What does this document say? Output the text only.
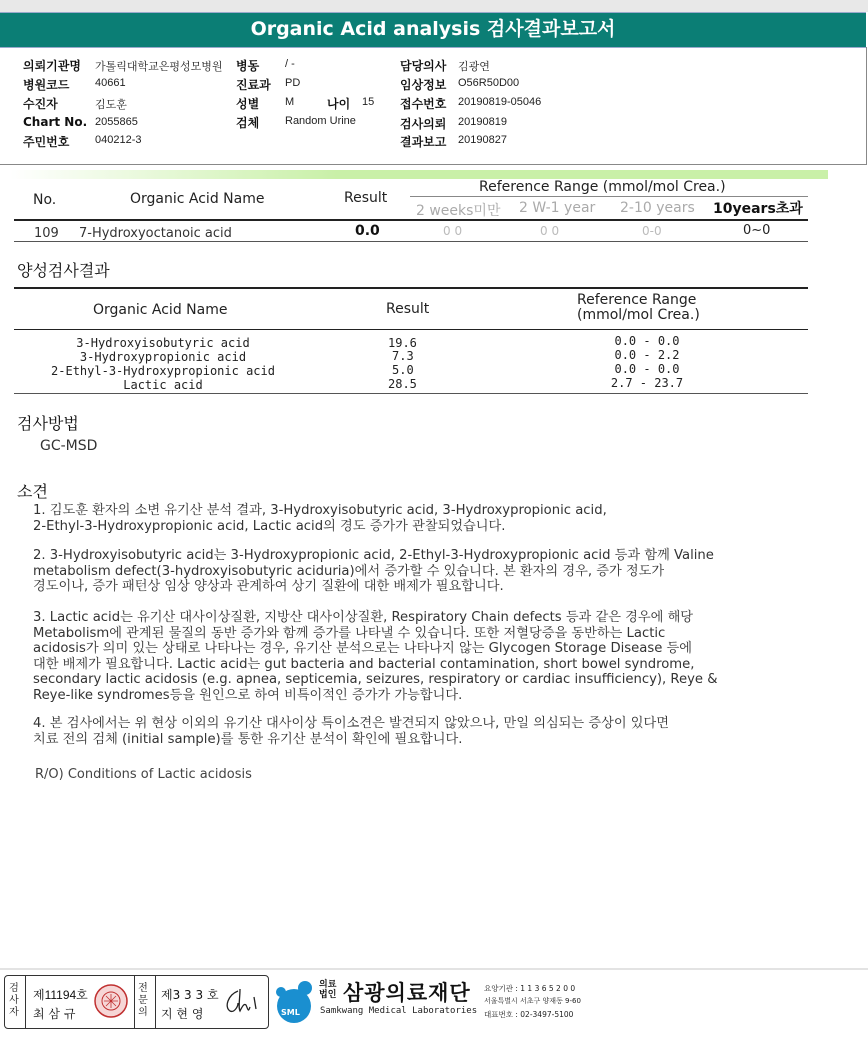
Organic Acid analysis 검사결과보고서
의뢰기관명 가톨릭대학교은평성모병원 병동 / -	담당의사 김광연
병원코드 40661	진료과 PD	임상정보 O56R50D00
수진자	김도훈	성별 M	나이 15 접수번호 20190819-05046
Chart No. 2055865	검체 Random Urine	검사의뢰 20190819
주민번호 040212-3	결과보고 20190827
No.	Organic Acid Name	Result
Reference Range (mmol/mol Crea.)
2 weeks미만 2 W-1 year 2-10 years 10years초과
109 7-Hydroxyoctanoic acid	0.0	0 0	0 0	0-0	0~0
양성검사결과
Organic Acid Name	Result
Reference Range
(mmol/mol Crea.)
3-Hydroxyisobutyric acid	19.6	0.0 - 0.0
3-Hydroxypropionic acid	7.3	0.0 - 2.2
2-Ethyl-3-Hydroxypropionic acid	5.0	0.0 - 0.0
Lactic acid	28.5	2.7 - 23.7
검사방법
GC-MSD
소견
1. 김도훈 환자의 소변 유기산 분석 결과, 3-Hydroxyisobutyric acid, 3-Hydroxypropionic acid,
2-Ethyl-3-Hydroxypropionic acid, Lactic acid의 경도 증가가 관찰되었습니다.
2. 3-Hydroxyisobutyric acid는 3-Hydroxypropionic acid, 2-Ethyl-3-Hydroxypropionic acid 등과 함께 Valine
metabolism defect(3-hydroxyisobutyric aciduria)에서 증가할 수 있습니다. 본 환자의 경우, 증가 정도가
경도이나, 증가 패턴상 임상 양상과 관계하여 상기 질환에 대한 배제가 필요합니다.
3. Lactic acid는 유기산 대사이상질환, 지방산 대사이상질환, Respiratory Chain defects 등과 같은 경우에 해당
Metabolism에 관계된 물질의 동반 증가와 함께 증가를 나타낼 수 있습니다. 또한 저혈당증을 동반하는 Lactic
acidosis가 의미 있는 상태로 나타나는 경우, 유기산 분석으로는 나타나지 않는 Glycogen Storage Disease 등에
대한 배제가 필요합니다. Lactic acid는 gut bacteria and bacterial contamination, short bowel syndrome,
secondary lactic acidosis (e.g. apnea, septicemia, seizures, respiratory or cardiac insufficiency), Reye &
Reye-like syndromes등을 원인으로 하여 비특이적인 증가가 가능합니다.
4. 본 검사에서는 위 현상 이외의 유기산 대사이상 특이소견은 발견되지 않았으나, 만일 의심되는 증상이 있다면
치료 전의 검체 (initial sample)를 통한 유기산 분석이 확인에 필요합니다.
R/O) Conditions of Lactic acidosis
검사자
제11194호
최 삼 규
전문의
제3 3 3 호
지 현 영	SML
의료법인 삼광의료재단
Samkwang Medical Laboratories
요양기관 : 1 1 3 6 5 2 0 0
서울특별시 서초구 양재동 9-60
대표번호 : 02-3497-5100
